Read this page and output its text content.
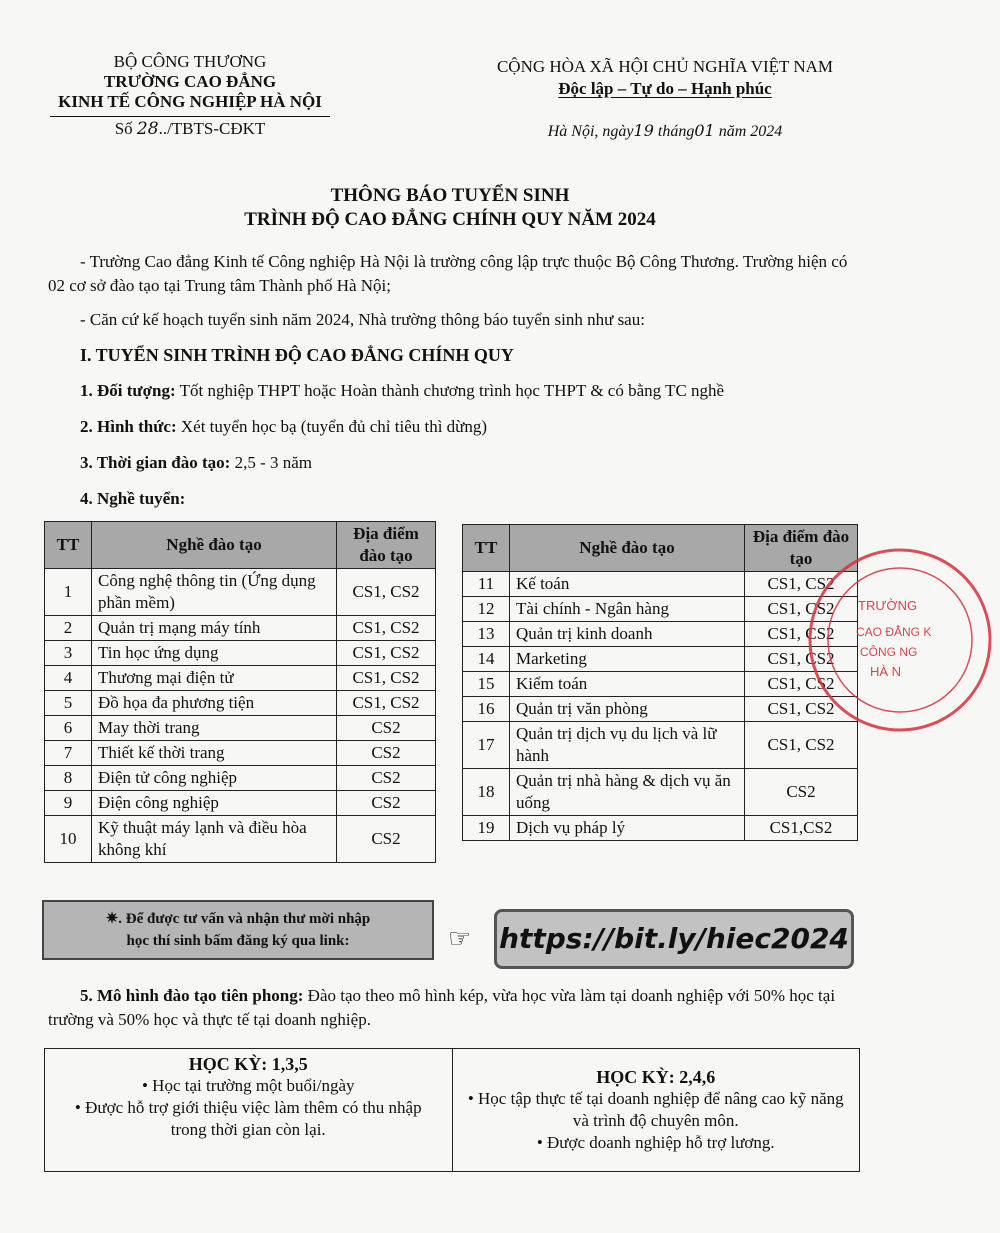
BỘ CÔNG THƯƠNG
TRƯỜNG CAO ĐẲNG
KINH TẾ CÔNG NGHIỆP HÀ NỘI
Số 28../TBTS-CĐKT
CỘNG HÒA XÃ HỘI CHỦ NGHĨA VIỆT NAM
Độc lập – Tự do – Hạnh phúc
Hà Nội, ngày19 tháng01 năm 2024
THÔNG BÁO TUYỂN SINH
TRÌNH ĐỘ CAO ĐẲNG CHÍNH QUY NĂM 2024
- Trường Cao đẳng Kinh tế Công nghiệp Hà Nội là trường công lập trực thuộc Bộ Công Thương. Trường hiện có 02 cơ sở đào tạo tại Trung tâm Thành phố Hà Nội;
- Căn cứ kế hoạch tuyển sinh năm 2024, Nhà trường thông báo tuyển sinh như sau:
I. TUYỂN SINH TRÌNH ĐỘ CAO ĐẲNG CHÍNH QUY
1. Đối tượng: Tốt nghiệp THPT hoặc Hoàn thành chương trình học THPT & có bằng TC nghề
2. Hình thức: Xét tuyển học bạ (tuyển đủ chỉ tiêu thì dừng)
3. Thời gian đào tạo: 2,5 - 3 năm
4. Nghề tuyển:
TT	Nghề đào tạo	Địa điểm đào tạo
1	Công nghệ thông tin (Ứng dụng phần mềm)	CS1, CS2
2	Quản trị mạng máy tính	CS1, CS2
3	Tin học ứng dụng	CS1, CS2
4	Thương mại điện tử	CS1, CS2
5	Đồ họa đa phương tiện	CS1, CS2
6	May thời trang	CS2
7	Thiết kế thời trang	CS2
8	Điện tử công nghiệp	CS2
9	Điện công nghiệp	CS2
10	Kỹ thuật máy lạnh và điều hòa không khí	CS2
TT	Nghề đào tạo	Địa điểm đào tạo
11	Kế toán	CS1, CS2
12	Tài chính - Ngân hàng	CS1, CS2
13	Quản trị kinh doanh	CS1, CS2
14	Marketing	CS1, CS2
15	Kiểm toán	CS1, CS2
16	Quản trị văn phòng	CS1, CS2
17	Quản trị dịch vụ du lịch và lữ hành	CS1, CS2
18	Quản trị nhà hàng & dịch vụ ăn uống	CS2
19	Dịch vụ pháp lý	CS1,CS2
TRƯỜNG
CAO ĐẲNG K
CÔNG NG
HÀ N
✷. Để được tư vấn và nhận thư mời nhập
học thí sinh bấm đăng ký qua link:	☞ https://bit.ly/hiec2024
5. Mô hình đào tạo tiên phong: Đào tạo theo mô hình kép, vừa học vừa làm tại doanh nghiệp với 50% học tại trường và 50% học và thực tế tại doanh nghiệp.
HỌC KỲ: 1,3,5
• Học tại trường một buổi/ngày
• Được hỗ trợ giới thiệu việc làm thêm có thu nhập trong thời gian còn lại.
HỌC KỲ: 2,4,6
• Học tập thực tế tại doanh nghiệp để nâng cao kỹ năng và trình độ chuyên môn.
• Được doanh nghiệp hỗ trợ lương.
